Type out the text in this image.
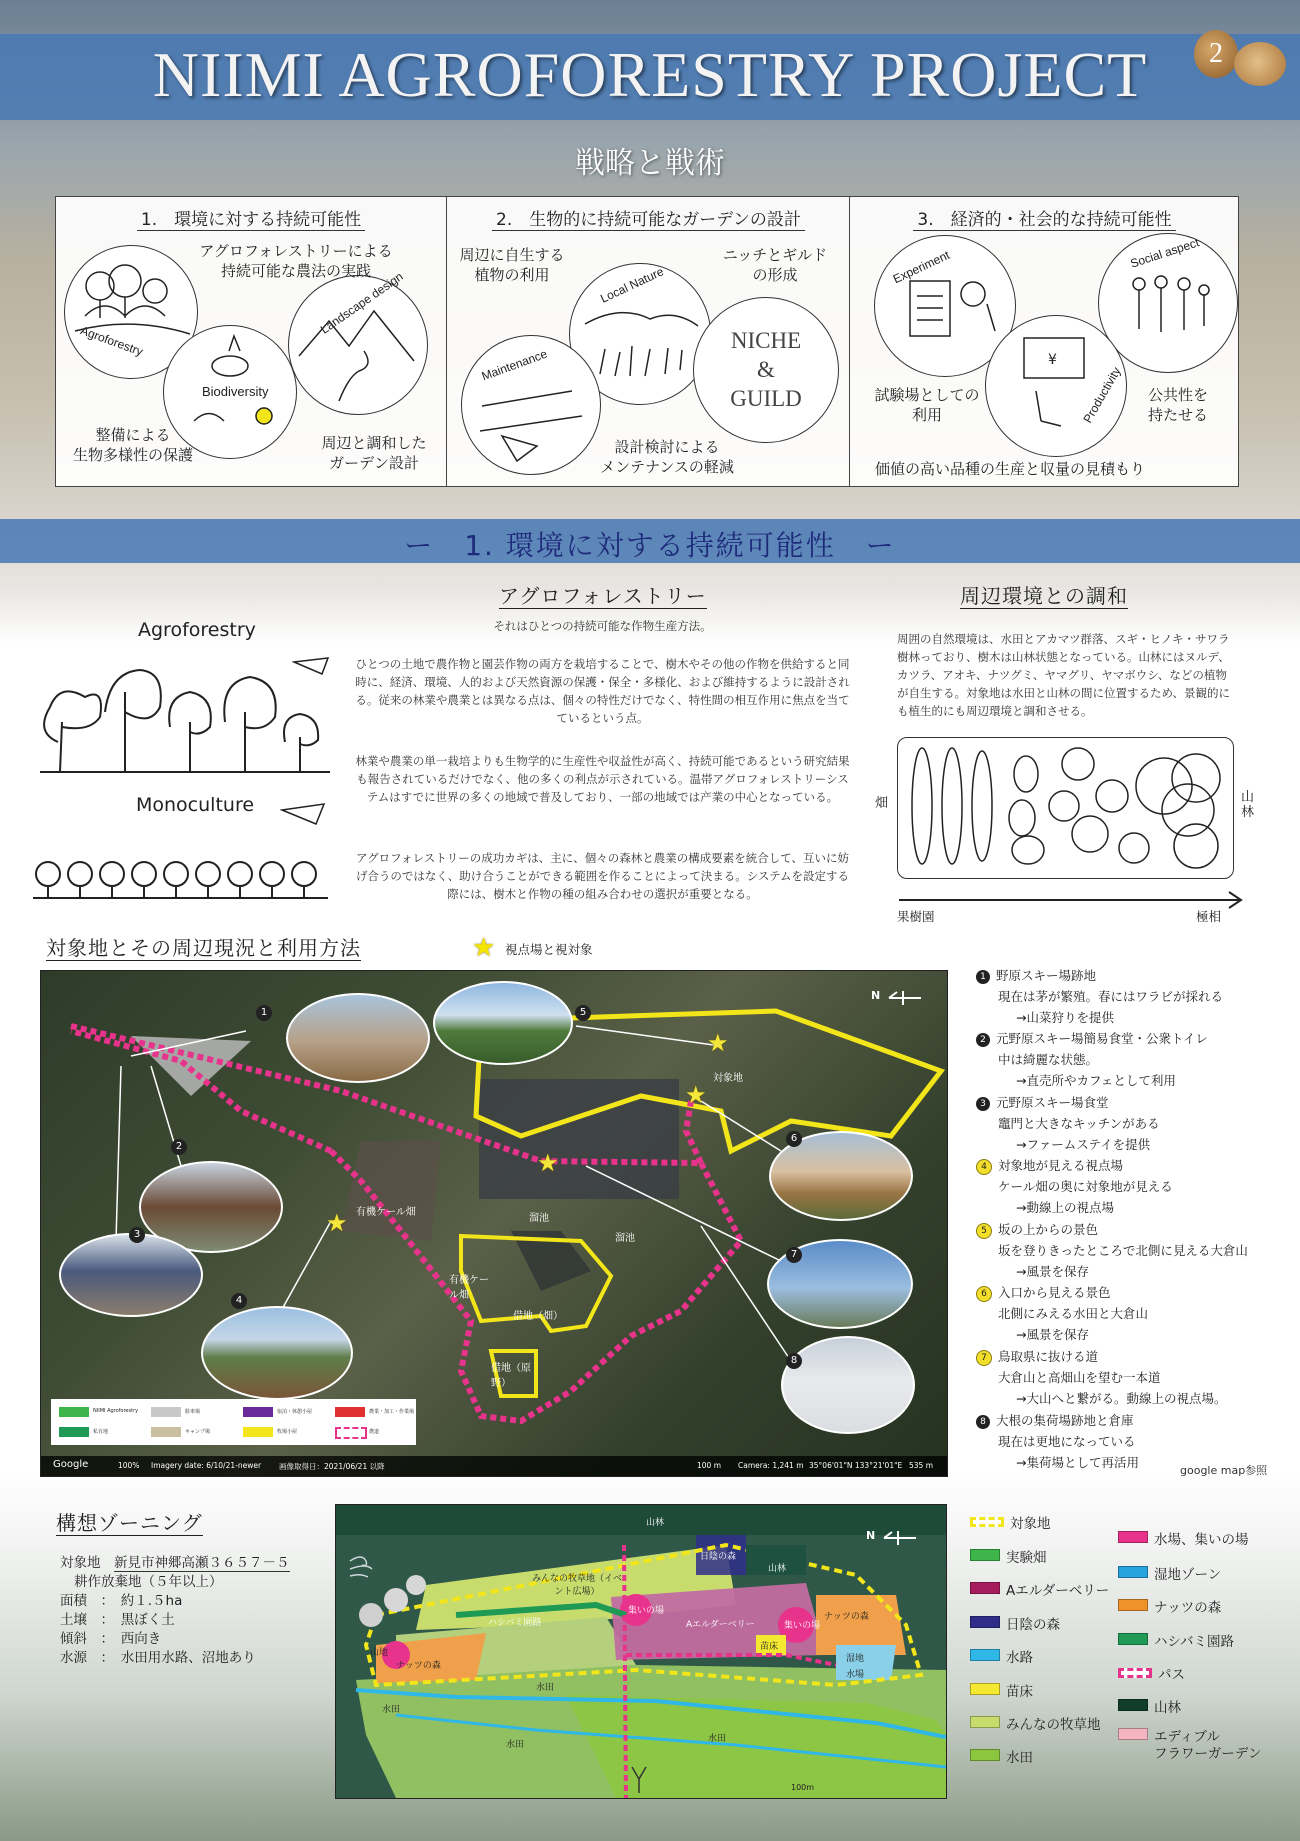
NIIMI AGROFORESTRY PROJECT	2
戦略と戦術
1.　環境に対する持続可能性
Agroforestry
Biodiversity
Landscape design
アグロフォレストリーによる
持続可能な農法の実践
整備による
生物多様性の保護
周辺と調和した
ガーデン設計
2.　生物的に持続可能なガーデンの設計
Local Nature
Maintenance
NICHE
&
GUILD
周辺に自生する
植物の利用
ニッチとギルド
の形成
設計検討による
メンテナンスの軽減
3.　経済的・社会的な持続可能性
Experiment	Social aspect
¥
Productivity
試験場としての
利用
公共性を
持たせる
価値の高い品種の生産と収量の見積もり
ー　1. 環境に対する持続可能性　ー
Agroforestry
Monoculture
アグロフォレストリー
それはひとつの持続可能な作物生産方法。
ひとつの土地で農作物と園芸作物の両方を栽培することで、樹木やその他の作物を供給すると同時に、経済、環境、人的および天然資源の保護・保全・多様化、および維持するように設計される。従来の林業や農業とは異なる点は、個々の特性だけでなく、特性間の相互作用に焦点を当てているという点。
林業や農業の単一栽培よりも生物学的に生産性や収益性が高く、持続可能であるという研究結果も報告されているだけでなく、他の多くの利点が示されている。温帯アグロフォレストリーシステムはすでに世界の多くの地域で普及しており、一部の地域では产業の中心となっている。
アグロフォレストリーの成功カギは、主に、個々の森林と農業の構成要素を統合して、互いに妨げ合うのではなく、助け合うことができる範囲を作ることによって決まる。システムを設定する際には、樹木と作物の種の組み合わせの選択が重要となる。
周辺環境との調和
周囲の自然環境は、水田とアカマツ群落、スギ・ヒノキ・サワラ樹林っており、樹木は山林状態となっている。山林にはヌルデ、カツラ、アオキ、ナツグミ、ヤマグリ、ヤマボウシ、などの植物が自生する。対象地は水田と山林の間に位置するため、景観的にも植生的にも周辺環境と調和させる。
畑	山林
果樹園	極相
対象地とその周辺現況と利用方法	★ 視点場と視対象
1
2
3
4
5
6
7
8
★
★
★
★
対象地
有機ケール畑
有機ケール畑
借地（畑）
借地（原野）
溜池
溜池
N
NIIMI Agroforestry
私有地
駐車場
キャンプ場
宿泊・休憩小屋
牧場小屋
農業・加工・作業場
農道
Google	100% Imagery date: 6/10/21-newer 画像取得日：2021/06/21 以降	100 m Camera: 1,241 m 35°06'01"N 133°21'01"E 535 m
1 野原スキー場跡地
現在は茅が繁殖。春にはワラビが採れる
→山菜狩りを提供
2 元野原スキー場簡易食堂・公衆トイレ
中は綺麗な状態。
→直売所やカフェとして利用
3 元野原スキー場食堂
竈門と大きなキッチンがある
→ファームステイを提供
4 対象地が見える視点場
ケール畑の奥に対象地が見える
→動線上の視点場
5 坂の上からの景色
坂を登りきったところで北側に見える大倉山
→風景を保存
6 入口から見える景色
北側にみえる水田と大倉山
→風景を保存
7 鳥取県に抜ける道
大倉山と高畑山を望む一本道
→大山へと繋がる。動線上の視点場。
8 大根の集荷場跡地と倉庫
現在は更地になっている
→集荷場として再活用
google map参照
構想ゾーニング
対象地　 新見市神郷高瀬３６５７－５
耕作放棄地（５年以上）
面積　 ：　約１.５ha
土壌　 ：　黒ぼく土
傾斜　 ：　西向き
水源　 ：　水田用水路、沼地あり
山林
山林
日陰の森
みんなの牧草地（イベント広場）
ハシバミ園路
集いの場
集いの場
Aエルダーベリー
ナッツの森
ナッツの森
苗床
湿地
水場
山地
水田
水田
水田
水田
100m
N
対象地
水場、集いの場
実験畑
湿地ゾーン
Aエルダーベリー
ナッツの森
日陰の森
ハシバミ園路
水路
パス
苗床
山林
みんなの牧草地
エディブル
フラワーガーデン
水田
